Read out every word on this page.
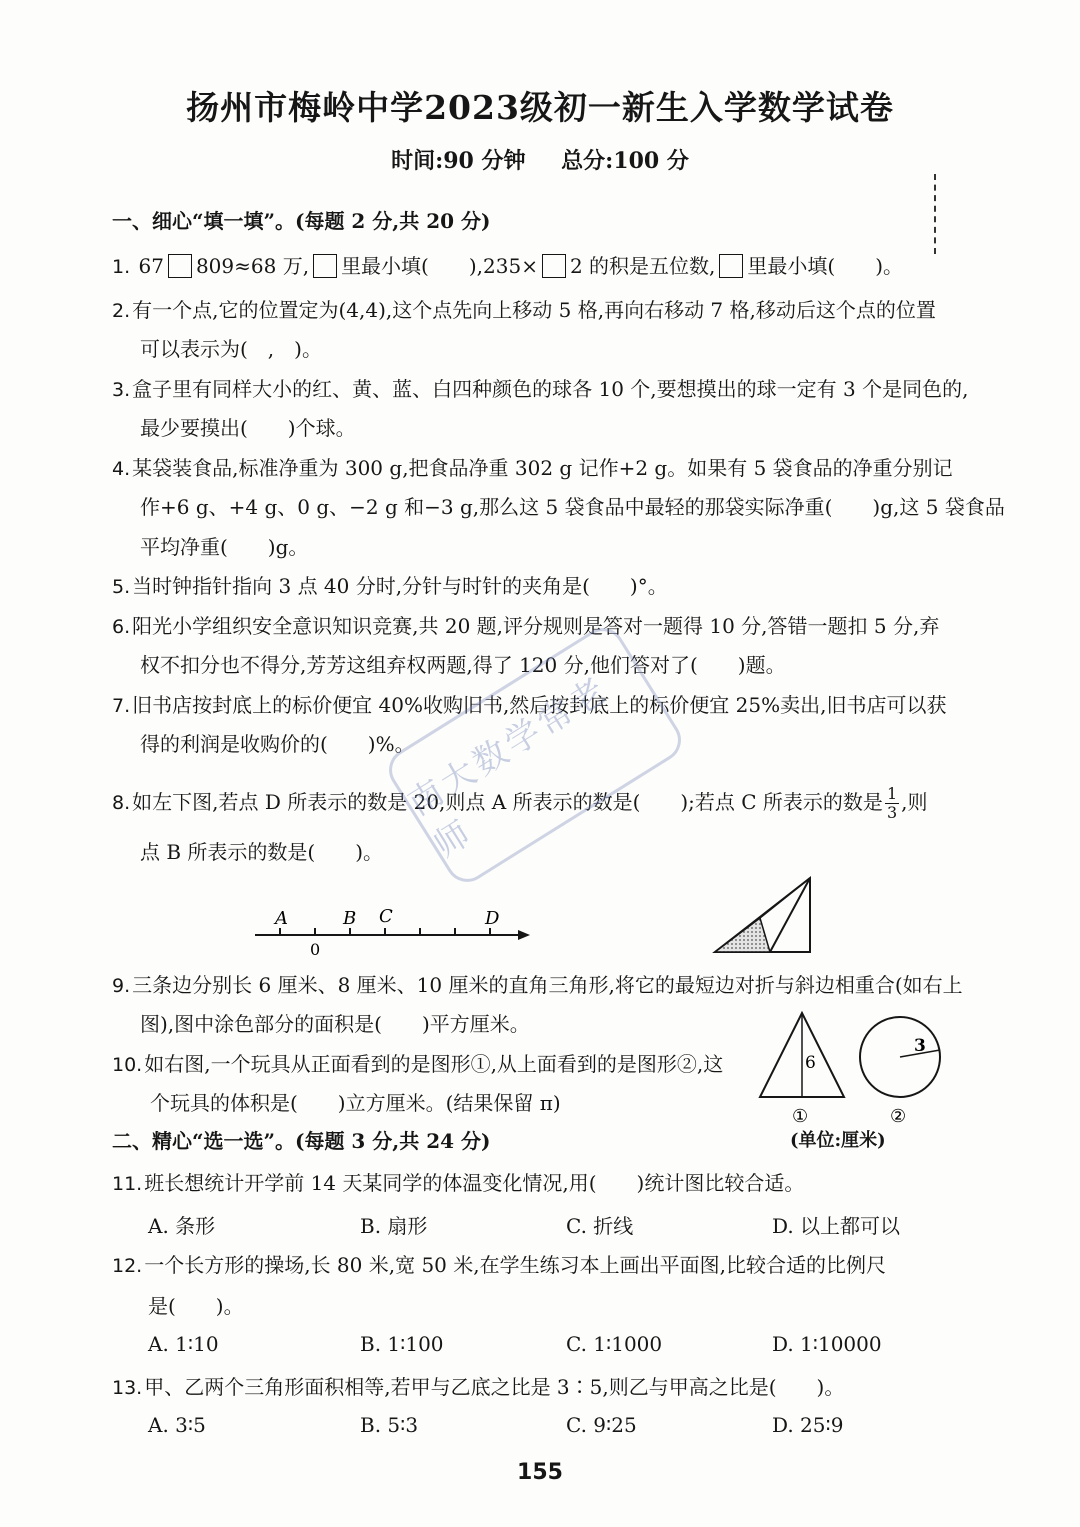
扬州市梅岭中学2023级初一新生入学数学试卷
时间:90 分钟 总分:100 分
一、细心“填一填”。(每题 2 分,共 20 分)
1. 67 809≈68 万, 里最小填(　　),235× 2 的积是五位数, 里最小填(　　)。
2. 有一个点,它的位置定为(4,4),这个点先向上移动 5 格,再向右移动 7 格,移动后这个点的位置
可以表示为(　,　)。
3. 盒子里有同样大小的红、黄、蓝、白四种颜色的球各 10 个,要想摸出的球一定有 3 个是同色的,
最少要摸出(　　)个球。
4. 某袋装食品,标准净重为 300 g,把食品净重 302 g 记作+2 g。如果有 5 袋食品的净重分别记
作+6 g、+4 g、0 g、−2 g 和−3 g,那么这 5 袋食品中最轻的那袋实际净重(　　)g,这 5 袋食品
平均净重(　　)g。
5. 当时钟指针指向 3 点 40 分时,分针与时针的夹角是(　　)°。
6. 阳光小学组织安全意识知识竞赛,共 20 题,评分规则是答对一题得 10 分,答错一题扣 5 分,弃
权不扣分也不得分,芳芳这组弃权两题,得了 120 分,他们答对了(　　)题。
7. 旧书店按封底上的标价便宜 40%收购旧书,然后按封底上的标价便宜 25%卖出,旧书店可以获
得的利润是收购价的(　　)%。
8. 如左下图,若点 D 所表示的数是 20,则点 A 所表示的数是(　　);若点 C 所表示的数是 $\frac{1}{3}$ ,则
点 B 所表示的数是(　　)。
A	B C	D
0
9. 三条边分别长 6 厘米、8 厘米、10 厘米的直角三角形,将它的最短边对折与斜边相重合(如右上
图),图中涂色部分的面积是(　　)平方厘米。
10. 如右图,一个玩具从正面看到的是图形①,从上面看到的是图形②,这
个玩具的体积是(　　)立方厘米。(结果保留 π)
6
3
①	②
(单位:厘米)
二、精心“选一选”。(每题 3 分,共 24 分)
11. 班长想统计开学前 14 天某同学的体温变化情况,用(　　)统计图比较合适。
A. 条形	B. 扇形	C. 折线	D. 以上都可以
12. 一个长方形的操场,长 80 米,宽 50 米,在学生练习本上画出平面图,比较合适的比例尺
是(　　)。
A. 1∶10	B. 1∶100	C. 1∶1000	D. 1∶10000
13. 甲、乙两个三角形面积相等,若甲与乙底之比是 3∶5,则乙与甲高之比是(　　)。
A. 3∶5	B. 5∶3	C. 9∶25	D. 25∶9
南大数学常老师
155
